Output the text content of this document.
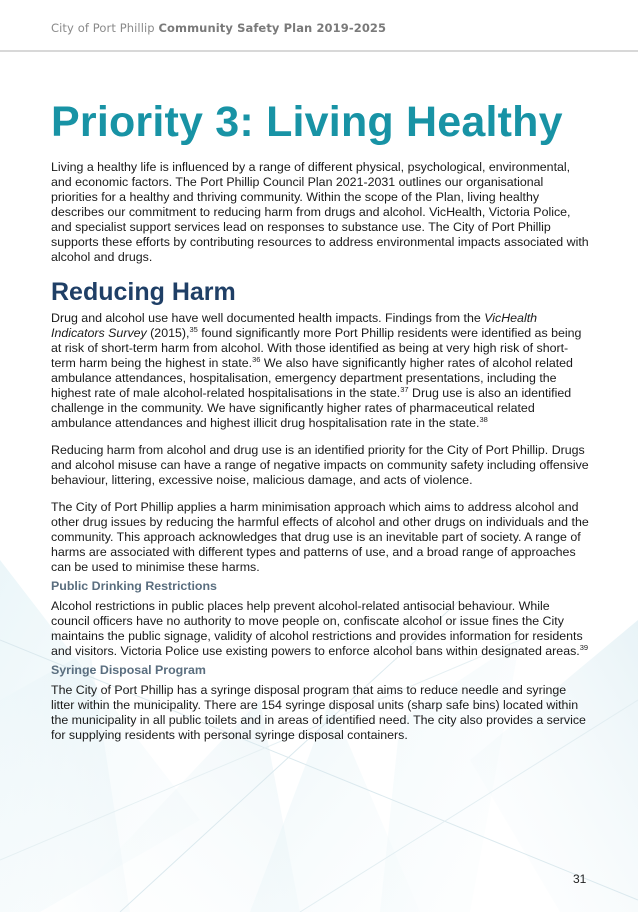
City of Port Phillip Community Safety Plan 2019-2025
Priority 3: Living Healthy

Living a healthy life is influenced by a range of different physical, psychological, environmental, and economic factors. The Port Phillip Council Plan 2021-2031 outlines our organisational priorities for a healthy and thriving community. Within the scope of the Plan, living healthy describes our commitment to reducing harm from drugs and alcohol. VicHealth, Victoria Police, and specialist support services lead on responses to substance use. The City of Port Phillip supports these efforts by contributing resources to address environmental impacts associated with alcohol and drugs.

Reducing Harm

Drug and alcohol use have well documented health impacts. Findings from the VicHealth Indicators Survey (2015),$^{35}$ found significantly more Port Phillip residents were identified as being at risk of short-term harm from alcohol. With those identified as being at very high risk of short-term harm being the highest in state.$^{36}$ We also have significantly higher rates of alcohol related ambulance attendances, hospitalisation, emergency department presentations, including the highest rate of male alcohol-related hospitalisations in the state.$^{37}$ Drug use is also an identified challenge in the community. We have significantly higher rates of pharmaceutical related ambulance attendances and highest illicit drug hospitalisation rate in the state.$^{38}$

Reducing harm from alcohol and drug use is an identified priority for the City of Port Phillip. Drugs and alcohol misuse can have a range of negative impacts on community safety including offensive behaviour, littering, excessive noise, malicious damage, and acts of violence.

The City of Port Phillip applies a harm minimisation approach which aims to address alcohol and other drug issues by reducing the harmful effects of alcohol and other drugs on individuals and the community. This approach acknowledges that drug use is an inevitable part of society. A range of harms are associated with different types and patterns of use, and a broad range of approaches can be used to minimise these harms.

Public Drinking Restrictions

Alcohol restrictions in public places help prevent alcohol-related antisocial behaviour. While council officers have no authority to move people on, confiscate alcohol or issue fines the City maintains the public signage, validity of alcohol restrictions and provides information for residents and visitors. Victoria Police use existing powers to enforce alcohol bans within designated areas.$^{39}$

Syringe Disposal Program

The City of Port Phillip has a syringe disposal program that aims to reduce needle and syringe litter within the municipality. There are 154 syringe disposal units (sharp safe bins) located within the municipality in all public toilets and in areas of identified need. The city also provides a service for supplying residents with personal syringe disposal containers.

31
